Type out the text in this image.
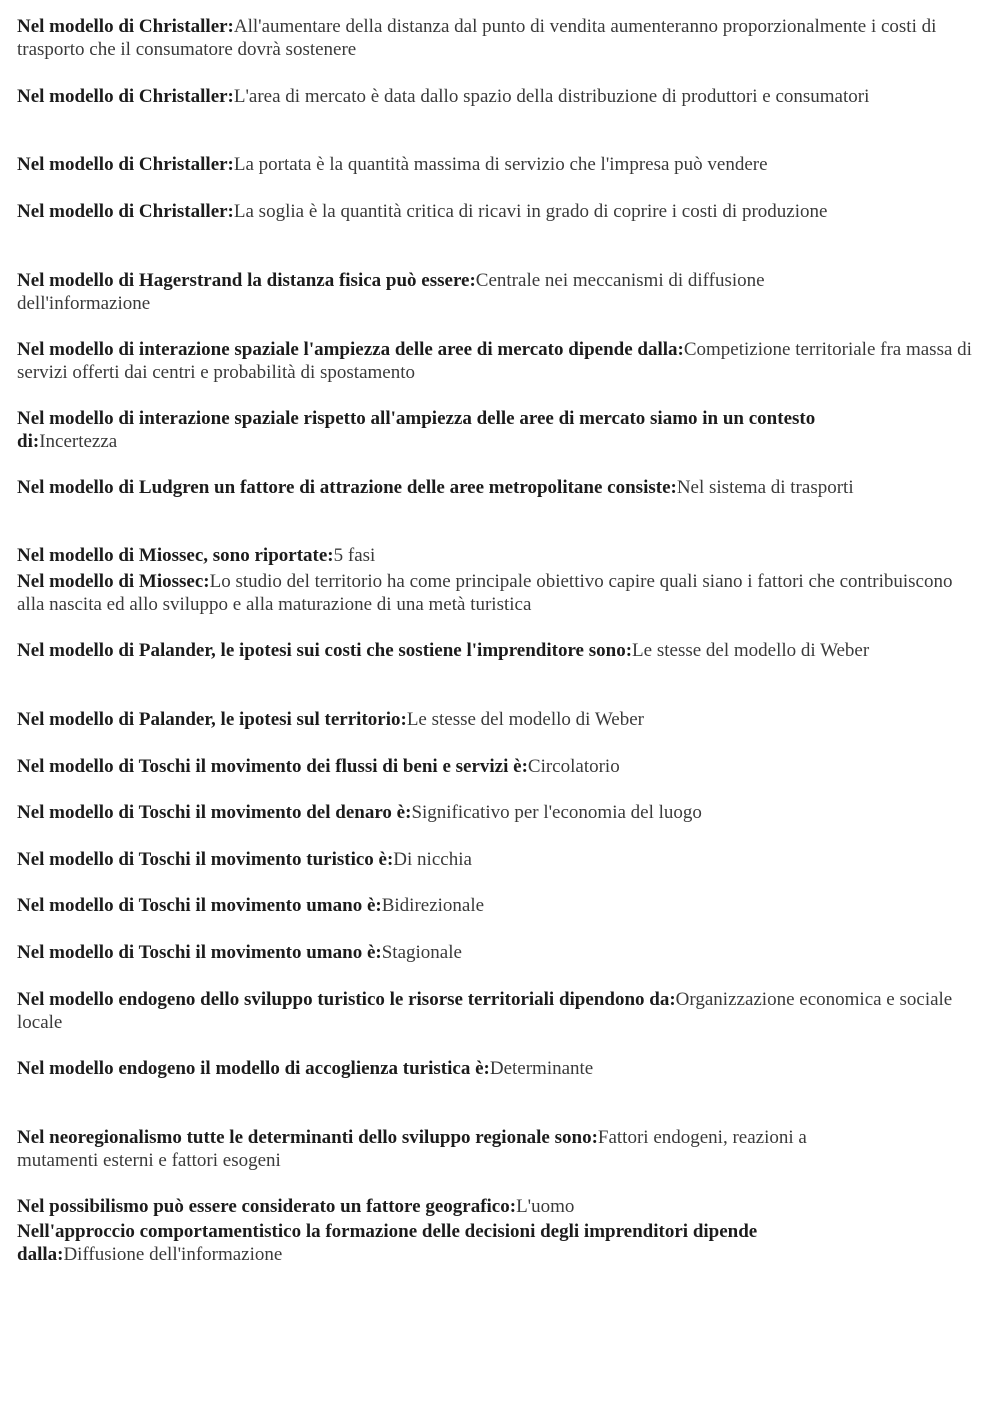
Nel modello di Christaller:All'aumentare della distanza dal punto di vendita aumenteranno proporzionalmente i costi di trasporto che il consumatore dovrà sostenere
Nel modello di Christaller:L'area di mercato è data dallo spazio della distribuzione di produttori e consumatori
Nel modello di Christaller:La portata è la quantità massima di servizio che l'impresa può vendere
Nel modello di Christaller:La soglia è la quantità critica di ricavi in grado di coprire i costi di produzione
Nel modello di Hagerstrand la distanza fisica può essere:Centrale nei meccanismi di diffusione dell'informazione
Nel modello di interazione spaziale l'ampiezza delle aree di mercato dipende dalla:Competizione territoriale fra massa di servizi offerti dai centri e probabilità di spostamento
Nel modello di interazione spaziale rispetto all'ampiezza delle aree di mercato siamo in un contesto di:Incertezza
Nel modello di Ludgren un fattore di attrazione delle aree metropolitane consiste:Nel sistema di trasporti
Nel modello di Miossec, sono riportate:5 fasi
Nel modello di Miossec:Lo studio del territorio ha come principale obiettivo capire quali siano i fattori che contribuiscono alla nascita ed allo sviluppo e alla maturazione di una metà turistica
Nel modello di Palander, le ipotesi sui costi che sostiene l'imprenditore sono:Le stesse del modello di Weber
Nel modello di Palander, le ipotesi sul territorio:Le stesse del modello di Weber
Nel modello di Toschi il movimento dei flussi di beni e servizi è:Circolatorio
Nel modello di Toschi il movimento del denaro è:Significativo per l'economia del luogo
Nel modello di Toschi il movimento turistico è:Di nicchia
Nel modello di Toschi il movimento umano è:Bidirezionale
Nel modello di Toschi il movimento umano è:Stagionale
Nel modello endogeno dello sviluppo turistico le risorse territoriali dipendono da:Organizzazione economica e sociale locale
Nel modello endogeno il modello di accoglienza turistica è:Determinante
Nel neoregionalismo tutte le determinanti dello sviluppo regionale sono:Fattori endogeni, reazioni a mutamenti esterni e fattori esogeni
Nel possibilismo può essere considerato un fattore geografico:L'uomo
Nell'approccio comportamentistico la formazione delle decisioni degli imprenditori dipende dalla:Diffusione dell'informazione
